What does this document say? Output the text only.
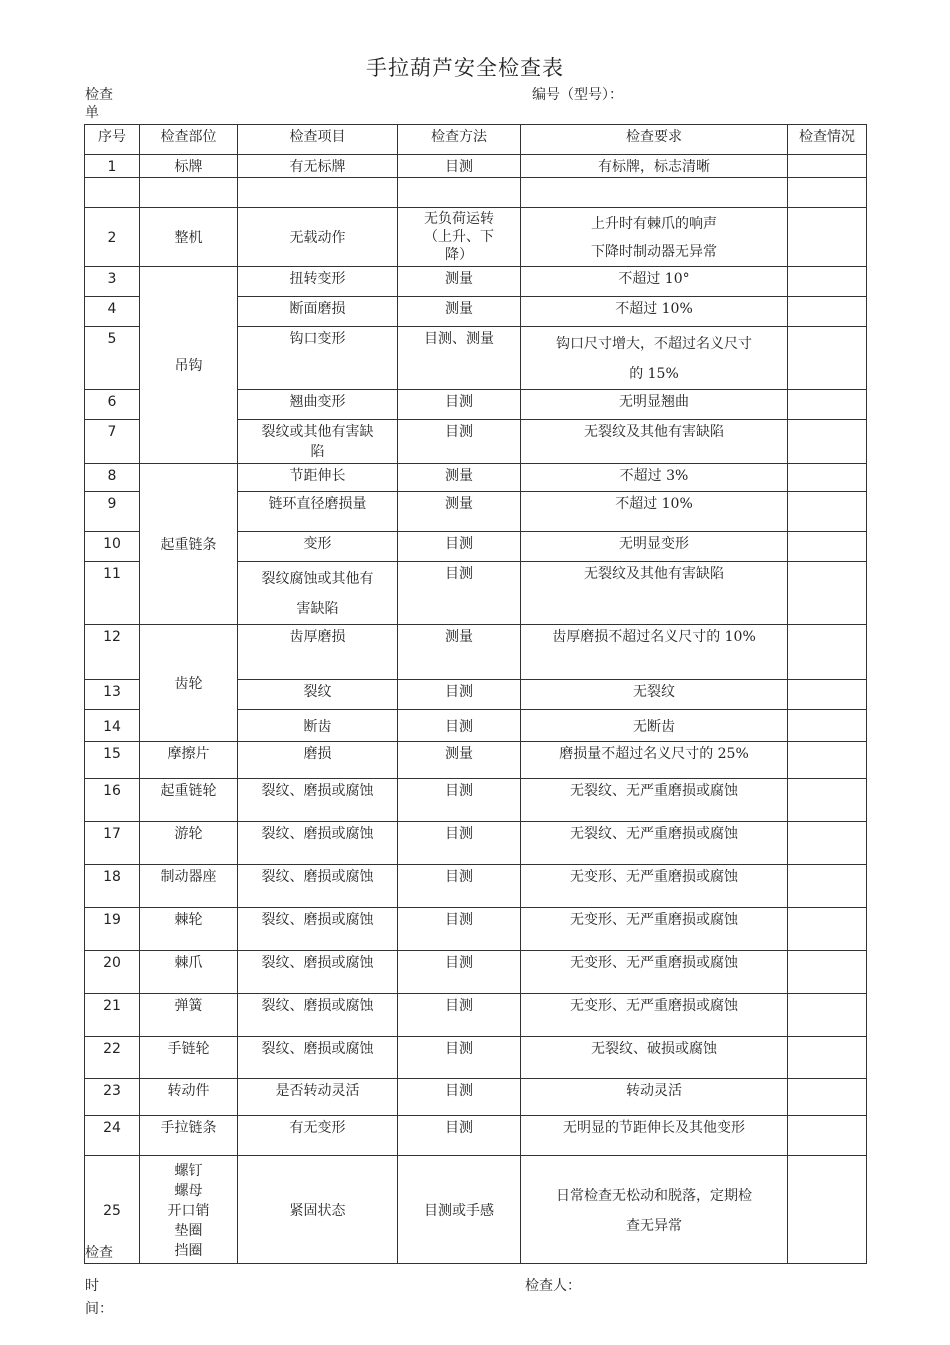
手拉葫芦安全检查表
检查
单
编号（型号）：
序号	检查部位	检查项目	检查方法	检查要求	检查情况
1	标牌	有无标牌	目测	有标牌，标志清晰	

2	整机	无载动作	无负荷运转
（上升、下
降）	上升时有棘爪的响声
下降时制动器无异常	
3	吊钩	扭转变形	测量	不超过 10°	
4		断面磨损	测量	不超过 10%	
5		钩口变形	目测、测量	钩口尺寸增大，不超过名义尺寸
的 15%	
6		翘曲变形	目测	无明显翘曲	
7		裂纹或其他有害缺
陷	目测	无裂纹及其他有害缺陷	
8	起重链条	节距伸长	测量	不超过 3%	
9		链环直径磨损量	测量	不超过 10%	
10		变形	目测	无明显变形	
11		裂纹腐蚀或其他有
害缺陷	目测	无裂纹及其他有害缺陷	
12	齿轮	齿厚磨损	测量	齿厚磨损不超过名义尺寸的 10%	
13		裂纹	目测	无裂纹	
14		断齿	目测	无断齿	
15	摩擦片	磨损	测量	磨损量不超过名义尺寸的 25%	
16	起重链轮	裂纹、磨损或腐蚀	目测	无裂纹、无严重磨损或腐蚀	
17	游轮	裂纹、磨损或腐蚀	目测	无裂纹、无严重磨损或腐蚀	
18	制动器座	裂纹、磨损或腐蚀	目测	无变形、无严重磨损或腐蚀	
19	棘轮	裂纹、磨损或腐蚀	目测	无变形、无严重磨损或腐蚀	
20	棘爪	裂纹、磨损或腐蚀	目测	无变形、无严重磨损或腐蚀	
21	弹簧	裂纹、磨损或腐蚀	目测	无变形、无严重磨损或腐蚀	
22	手链轮	裂纹、磨损或腐蚀	目测	无裂纹、破损或腐蚀	
23	转动件	是否转动灵活	目测	转动灵活	
24	手拉链条	有无变形	目测	无明显的节距伸长及其他变形	
25	螺钉
螺母
开口销
垫圈
挡圈	紧固状态	目测或手感	日常检查无松动和脱落，定期检
查无异常	
检查
时
间：
检查人：
